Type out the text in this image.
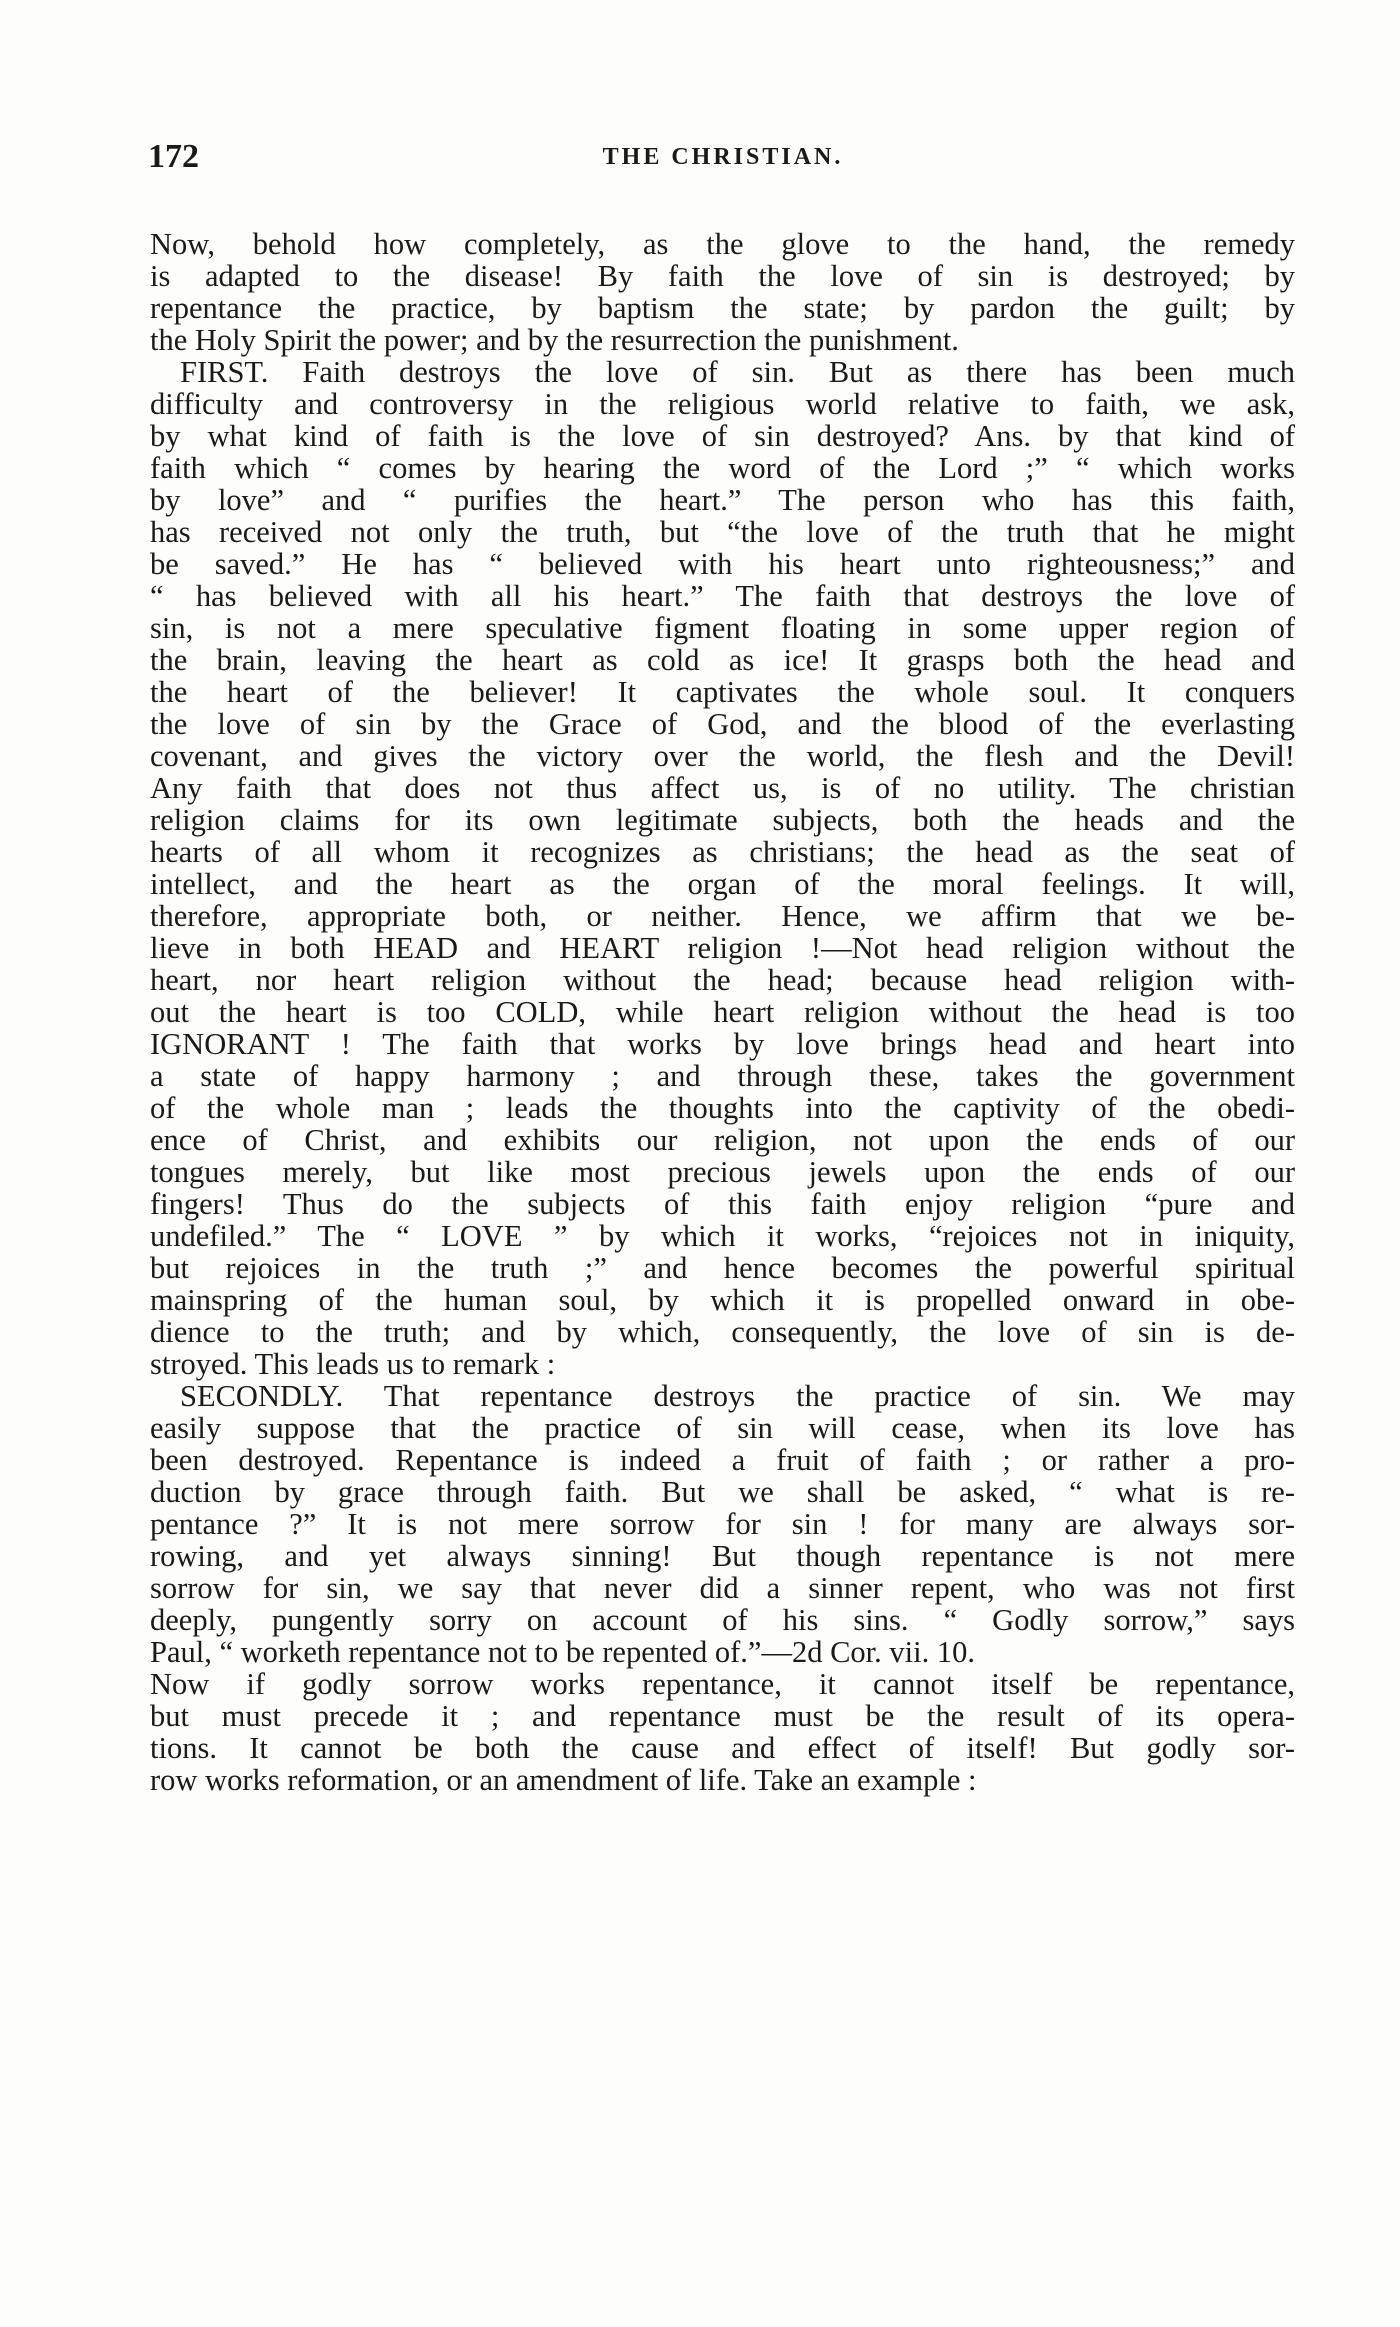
172	THE CHRISTIAN.
Now, behold how completely, as the glove to the hand, the remedy
is adapted to the disease! By faith the love of sin is destroyed; by
repentance the practice, by baptism the state; by pardon the guilt; by
the Holy Spirit the power; and by the resurrection the punishment.
FIRST. Faith destroys the love of sin. But as there has been much
difficulty and controversy in the religious world relative to faith, we ask,
by what kind of faith is the love of sin destroyed? Ans. by that kind of
faith which “ comes by hearing the word of the Lord ;” “ which works
by love” and “ purifies the heart.” The person who has this faith,
has received not only the truth, but “the love of the truth that he might
be saved.” He has “ believed with his heart unto righteousness;” and
“ has believed with all his heart.” The faith that destroys the love of
sin, is not a mere speculative figment floating in some upper region of
the brain, leaving the heart as cold as ice! It grasps both the head and
the heart of the believer! It captivates the whole soul. It conquers
the love of sin by the Grace of God, and the blood of the everlasting
covenant, and gives the victory over the world, the flesh and the Devil!
Any faith that does not thus affect us, is of no utility. The christian
religion claims for its own legitimate subjects, both the heads and the
hearts of all whom it recognizes as christians; the head as the seat of
intellect, and the heart as the organ of the moral feelings. It will,
therefore, appropriate both, or neither. Hence, we affirm that we be-
lieve in both HEAD and HEART religion !—Not head religion without the
heart, nor heart religion without the head; because head religion with-
out the heart is too COLD, while heart religion without the head is too
IGNORANT ! The faith that works by love brings head and heart into
a state of happy harmony ; and through these, takes the government
of the whole man ; leads the thoughts into the captivity of the obedi-
ence of Christ, and exhibits our religion, not upon the ends of our
tongues merely, but like most precious jewels upon the ends of our
fingers! Thus do the subjects of this faith enjoy religion “pure and
undefiled.” The “ LOVE ” by which it works, “rejoices not in iniquity,
but rejoices in the truth ;” and hence becomes the powerful spiritual
mainspring of the human soul, by which it is propelled onward in obe-
dience to the truth; and by which, consequently, the love of sin is de-
stroyed. This leads us to remark :
SECONDLY. That repentance destroys the practice of sin. We may
easily suppose that the practice of sin will cease, when its love has
been destroyed. Repentance is indeed a fruit of faith ; or rather a pro-
duction by grace through faith. But we shall be asked, “ what is re-
pentance ?” It is not mere sorrow for sin ! for many are always sor-
rowing, and yet always sinning! But though repentance is not mere
sorrow for sin, we say that never did a sinner repent, who was not first
deeply, pungently sorry on account of his sins. “ Godly sorrow,” says
Paul, “ worketh repentance not to be repented of.”—2d Cor. vii. 10.
Now if godly sorrow works repentance, it cannot itself be repentance,
but must precede it ; and repentance must be the result of its opera-
tions. It cannot be both the cause and effect of itself! But godly sor-
row works reformation, or an amendment of life. Take an example :
